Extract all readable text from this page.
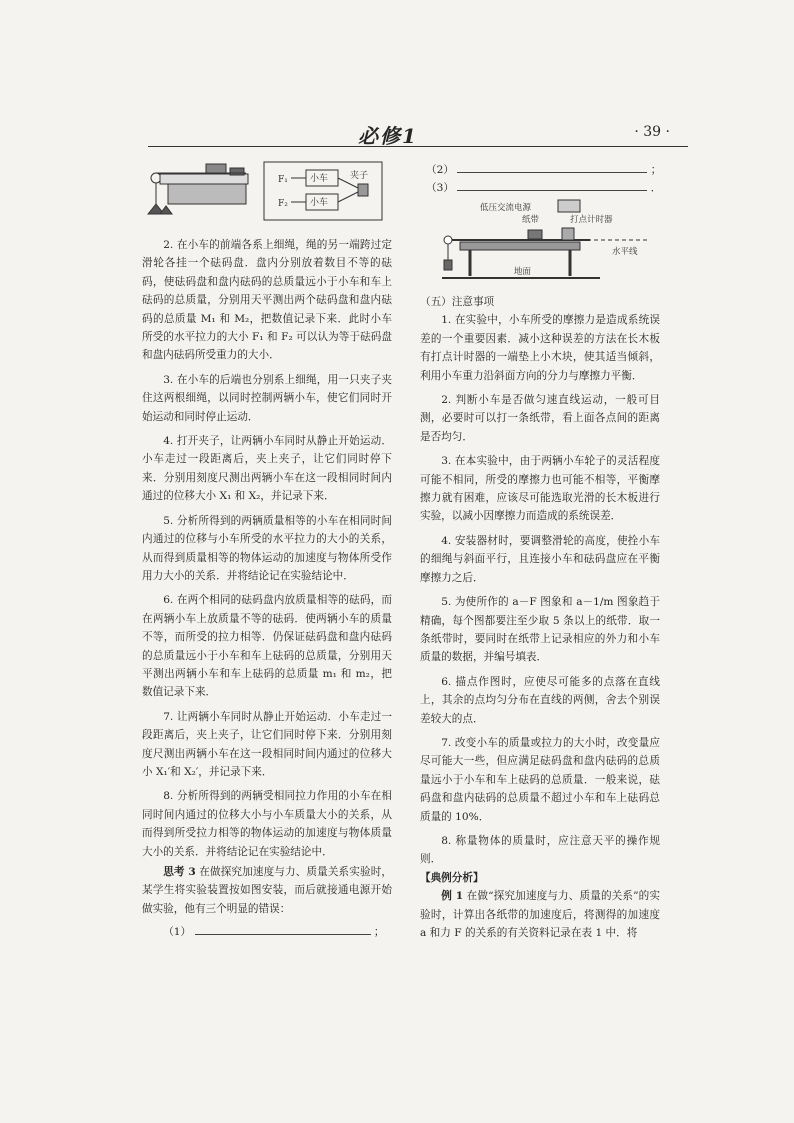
必修1	· 39 ·
F₁
F₂
小车
小车
夹子

2. 在小车的前端各系上细绳，绳的另一端跨过定滑轮各挂一个砝码盘．盘内分别放着数目不等的砝码，使砝码盘和盘内砝码的总质量远小于小车和车上砝码的总质量，分别用天平测出两个砝码盘和盘内砝码的总质量 M₁ 和 M₂，把数值记录下来．此时小车所受的水平拉力的大小 F₁ 和 F₂ 可以认为等于砝码盘和盘内砝码所受重力的大小．

3. 在小车的后端也分别系上细绳，用一只夹子夹住这两根细绳，以同时控制两辆小车，使它们同时开始运动和同时停止运动．

4. 打开夹子，让两辆小车同时从静止开始运动．小车走过一段距离后，夹上夹子，让它们同时停下来．分别用刻度尺测出两辆小车在这一段相同时间内通过的位移大小 X₁ 和 X₂，并记录下来．

5. 分析所得到的两辆质量相等的小车在相同时间内通过的位移与小车所受的水平拉力的大小的关系，从而得到质量相等的物体运动的加速度与物体所受作用力大小的关系．并将结论记在实验结论中．

6. 在两个相同的砝码盘内放质量相等的砝码，而在两辆小车上放质量不等的砝码．使两辆小车的质量不等，而所受的拉力相等．仍保证砝码盘和盘内砝码的总质量远小于小车和车上砝码的总质量，分别用天平测出两辆小车和车上砝码的总质量 m₁ 和 m₂，把数值记录下来．

7. 让两辆小车同时从静止开始运动．小车走过一段距离后，夹上夹子，让它们同时停下来．分别用刻度尺测出两辆小车在这一段相同时间内通过的位移大小 X₁′和 X₂′，并记录下来．

8. 分析所得到的两辆受相同拉力作用的小车在相同时间内通过的位移大小与小车质量大小的关系，从而得到所受拉力相等的物体运动的加速度与物体质量大小的关系．并将结论记在实验结论中．

思考 3 在做探究加速度与力、质量关系实验时，某学生将实验装置按如图安装，而后就接通电源开始做实验，他有三个明显的错误：

（1）	；

（2）	；
（3）	．
低压交流电源
纸带	打点计时器
水平线
地面

（五）注意事项

1. 在实验中，小车所受的摩擦力是造成系统误差的一个重要因素．减小这种误差的方法在长木板有打点计时器的一端垫上小木块，使其适当倾斜，利用小车重力沿斜面方向的分力与摩擦力平衡．

2. 判断小车是否做匀速直线运动，一般可目测，必要时可以打一条纸带，看上面各点间的距离是否均匀．

3. 在本实验中，由于两辆小车轮子的灵活程度可能不相同，所受的摩擦力也可能不相等，平衡摩擦力就有困难，应该尽可能选取光滑的长木板进行实验，以减小因摩擦力而造成的系统误差．

4. 安装器材时，要调整滑轮的高度，使拴小车的细绳与斜面平行，且连接小车和砝码盘应在平衡摩擦力之后．

5. 为使所作的 a－F 图象和 a－1/m 图象趋于精确，每个图都要注至少取 5 条以上的纸带．取一条纸带时，要同时在纸带上记录相应的外力和小车质量的数据，并编号填表．

6. 描点作图时，应使尽可能多的点落在直线上，其余的点均匀分布在直线的两侧，舍去个别误差较大的点．

7. 改变小车的质量或拉力的大小时，改变量应尽可能大一些，但应满足砝码盘和盘内砝码的总质量远小于小车和车上砝码的总质量．一般来说，砝码盘和盘内砝码的总质量不超过小车和车上砝码总质量的 10%．

8. 称量物体的质量时，应注意天平的操作规则．

【典例分析】

例 1 在做“探究加速度与力、质量的关系”的实验时，计算出各纸带的加速度后，将测得的加速度 a 和力 F 的关系的有关资料记录在表 1 中．将
